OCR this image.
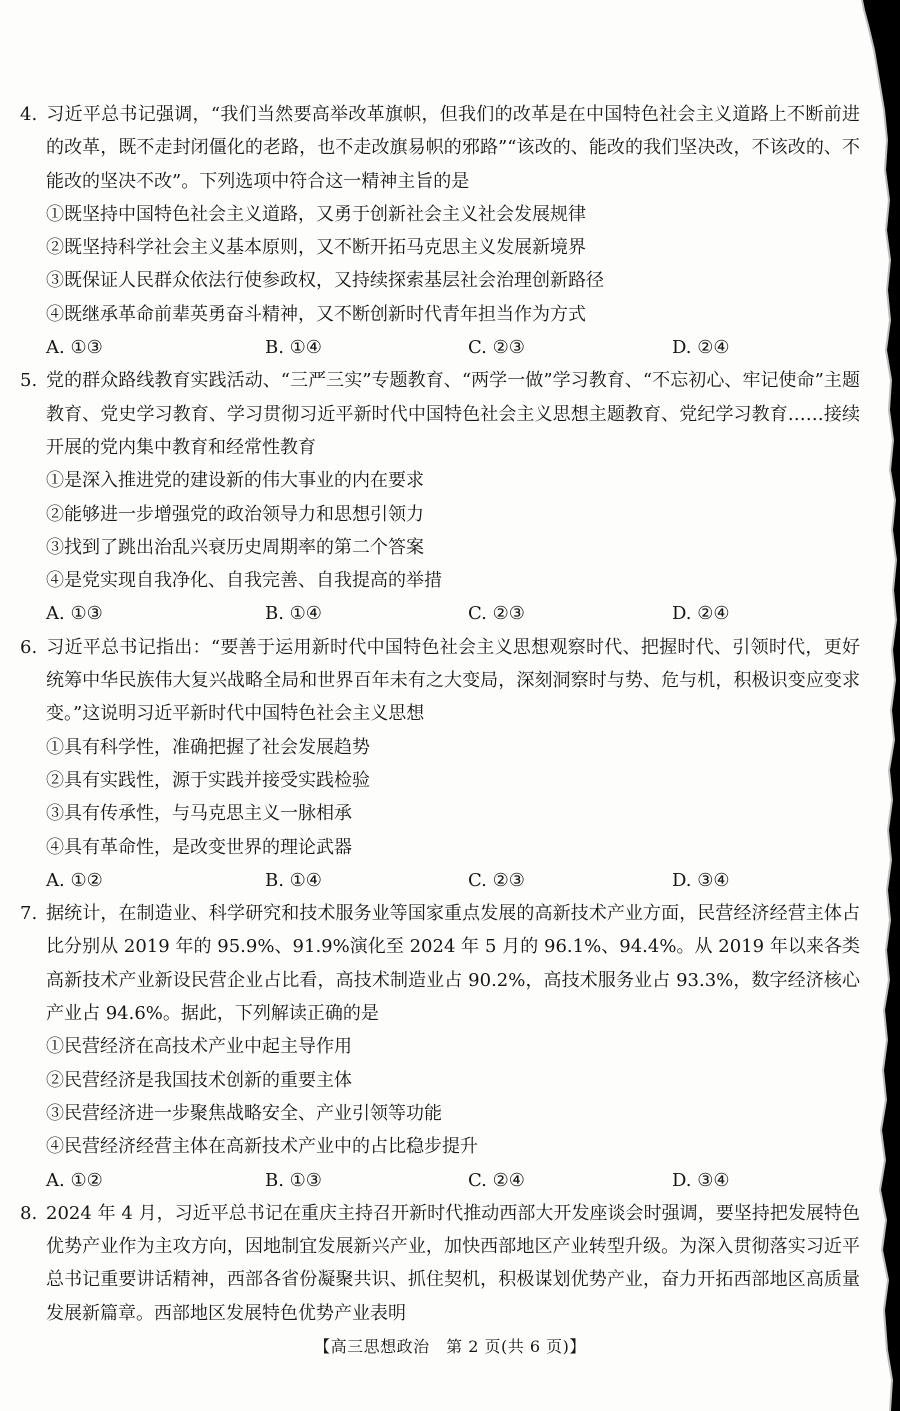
4. 习近平总书记强调，“我们当然要高举改革旗帜，但我们的改革是在中国特色社会主义道路上不断前进的改革，既不走封闭僵化的老路，也不走改旗易帜的邪路”“该改的、能改的我们坚决改，不该改的、不能改的坚决不改”。下列选项中符合这一精神主旨的是

①既坚持中国特色社会主义道路，又勇于创新社会主义社会发展规律

②既坚持科学社会主义基本原则，又不断开拓马克思主义发展新境界

③既保证人民群众依法行使参政权，又持续探索基层社会治理创新路径

④既继承革命前辈英勇奋斗精神，又不断创新时代青年担当作为方式

A. ①③	B. ①④	C. ②③	D. ②④

5. 党的群众路线教育实践活动、“三严三实”专题教育、“两学一做”学习教育、“不忘初心、牢记使命”主题教育、党史学习教育、学习贯彻习近平新时代中国特色社会主义思想主题教育、党纪学习教育……接续开展的党内集中教育和经常性教育

①是深入推进党的建设新的伟大事业的内在要求

②能够进一步增强党的政治领导力和思想引领力

③找到了跳出治乱兴衰历史周期率的第二个答案

④是党实现自我净化、自我完善、自我提高的举措

A. ①③	B. ①④	C. ②③	D. ②④

6. 习近平总书记指出：“要善于运用新时代中国特色社会主义思想观察时代、把握时代、引领时代，更好统筹中华民族伟大复兴战略全局和世界百年未有之大变局，深刻洞察时与势、危与机，积极识变应变求变。”这说明习近平新时代中国特色社会主义思想

①具有科学性，准确把握了社会发展趋势

②具有实践性，源于实践并接受实践检验

③具有传承性，与马克思主义一脉相承

④具有革命性，是改变世界的理论武器

A. ①②	B. ①④	C. ②③	D. ③④

7. 据统计，在制造业、科学研究和技术服务业等国家重点发展的高新技术产业方面，民营经济经营主体占比分别从 2019 年的 95.9%、91.9%演化至 2024 年 5 月的 96.1%、94.4%。从 2019 年以来各类高新技术产业新设民营企业占比看，高技术制造业占 90.2%，高技术服务业占 93.3%，数字经济核心产业占 94.6%。据此，下列解读正确的是

①民营经济在高技术产业中起主导作用

②民营经济是我国技术创新的重要主体

③民营经济进一步聚焦战略安全、产业引领等功能

④民营经济经营主体在高新技术产业中的占比稳步提升

A. ①②	B. ①③	C. ②④	D. ③④

8. 2024 年 4 月，习近平总书记在重庆主持召开新时代推动西部大开发座谈会时强调，要坚持把发展特色优势产业作为主攻方向，因地制宜发展新兴产业，加快西部地区产业转型升级。为深入贯彻落实习近平总书记重要讲话精神，西部各省份凝聚共识、抓住契机，积极谋划优势产业，奋力开拓西部地区高质量发展新篇章。西部地区发展特色优势产业表明

【高三思想政治　第 2 页(共 6 页)】
